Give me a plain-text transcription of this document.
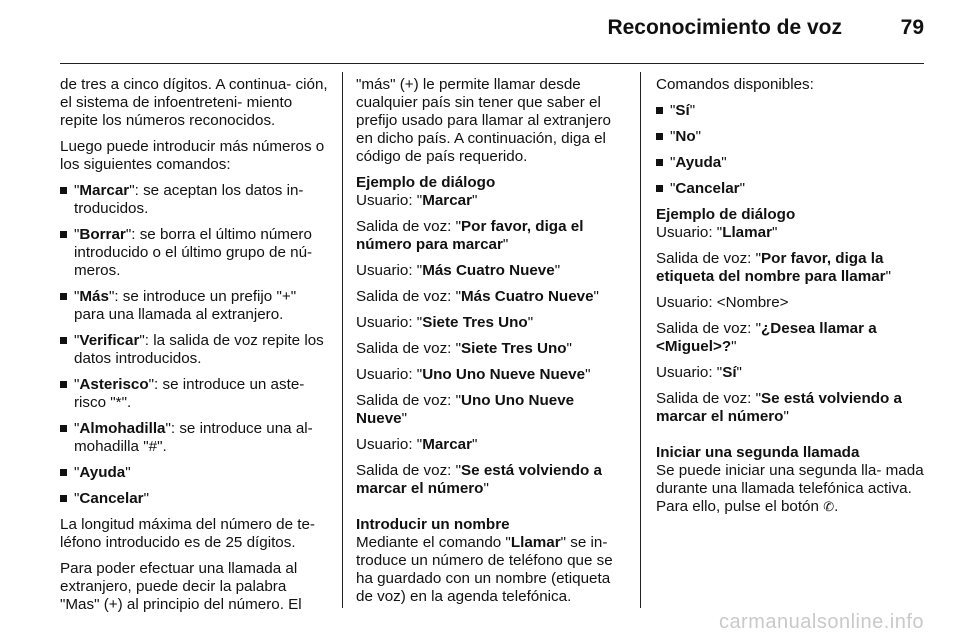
Reconocimiento de voz	79

de tres a cinco dígitos. A continua- ción, el sistema de infoentreteni- miento repite los números reconocidos.

Luego puede introducir más números o los siguientes comandos:

"Marcar": se aceptan los datos in- troducidos.
"Borrar": se borra el último número introducido o el último grupo de nú- meros.
"Más": se introduce un prefijo "+" para una llamada al extranjero.
"Verificar": la salida de voz repite los datos introducidos.
"Asterisco": se introduce un aste- risco "*".
"Almohadilla": se introduce una al- mohadilla "#".
"Ayuda"
"Cancelar"

La longitud máxima del número de te- léfono introducido es de 25 dígitos.

Para poder efectuar una llamada al extranjero, puede decir la palabra "Mas" (+) al principio del número. El

"más" (+) le permite llamar desde cualquier país sin tener que saber el prefijo usado para llamar al extranjero en dicho país. A continuación, diga el código de país requerido.

Ejemplo de diálogo
Usuario: "Marcar"
Salida de voz: "Por favor, diga el número para marcar"
Usuario: "Más Cuatro Nueve"
Salida de voz: "Más Cuatro Nueve"
Usuario: "Siete Tres Uno"
Salida de voz: "Siete Tres Uno"
Usuario: "Uno Uno Nueve Nueve"
Salida de voz: "Uno Uno Nueve Nueve"
Usuario: "Marcar"
Salida de voz: "Se está volviendo a marcar el número"
Introducir un nombre
Mediante el comando "Llamar" se in- troduce un número de teléfono que se ha guardado con un nombre (etiqueta de voz) en la agenda telefónica.

Comandos disponibles:

"Sí"
"No"
"Ayuda"
"Cancelar"
Ejemplo de diálogo
Usuario: "Llamar"
Salida de voz: "Por favor, diga la etiqueta del nombre para llamar"
Usuario: <Nombre>
Salida de voz: "¿Desea llamar a <Miguel>?"
Usuario: "Sí"
Salida de voz: "Se está volviendo a marcar el número"
Iniciar una segunda llamada
Se puede iniciar una segunda lla- mada durante una llamada telefónica activa. Para ello, pulse el botón ✆.
carmanualsonline.info
